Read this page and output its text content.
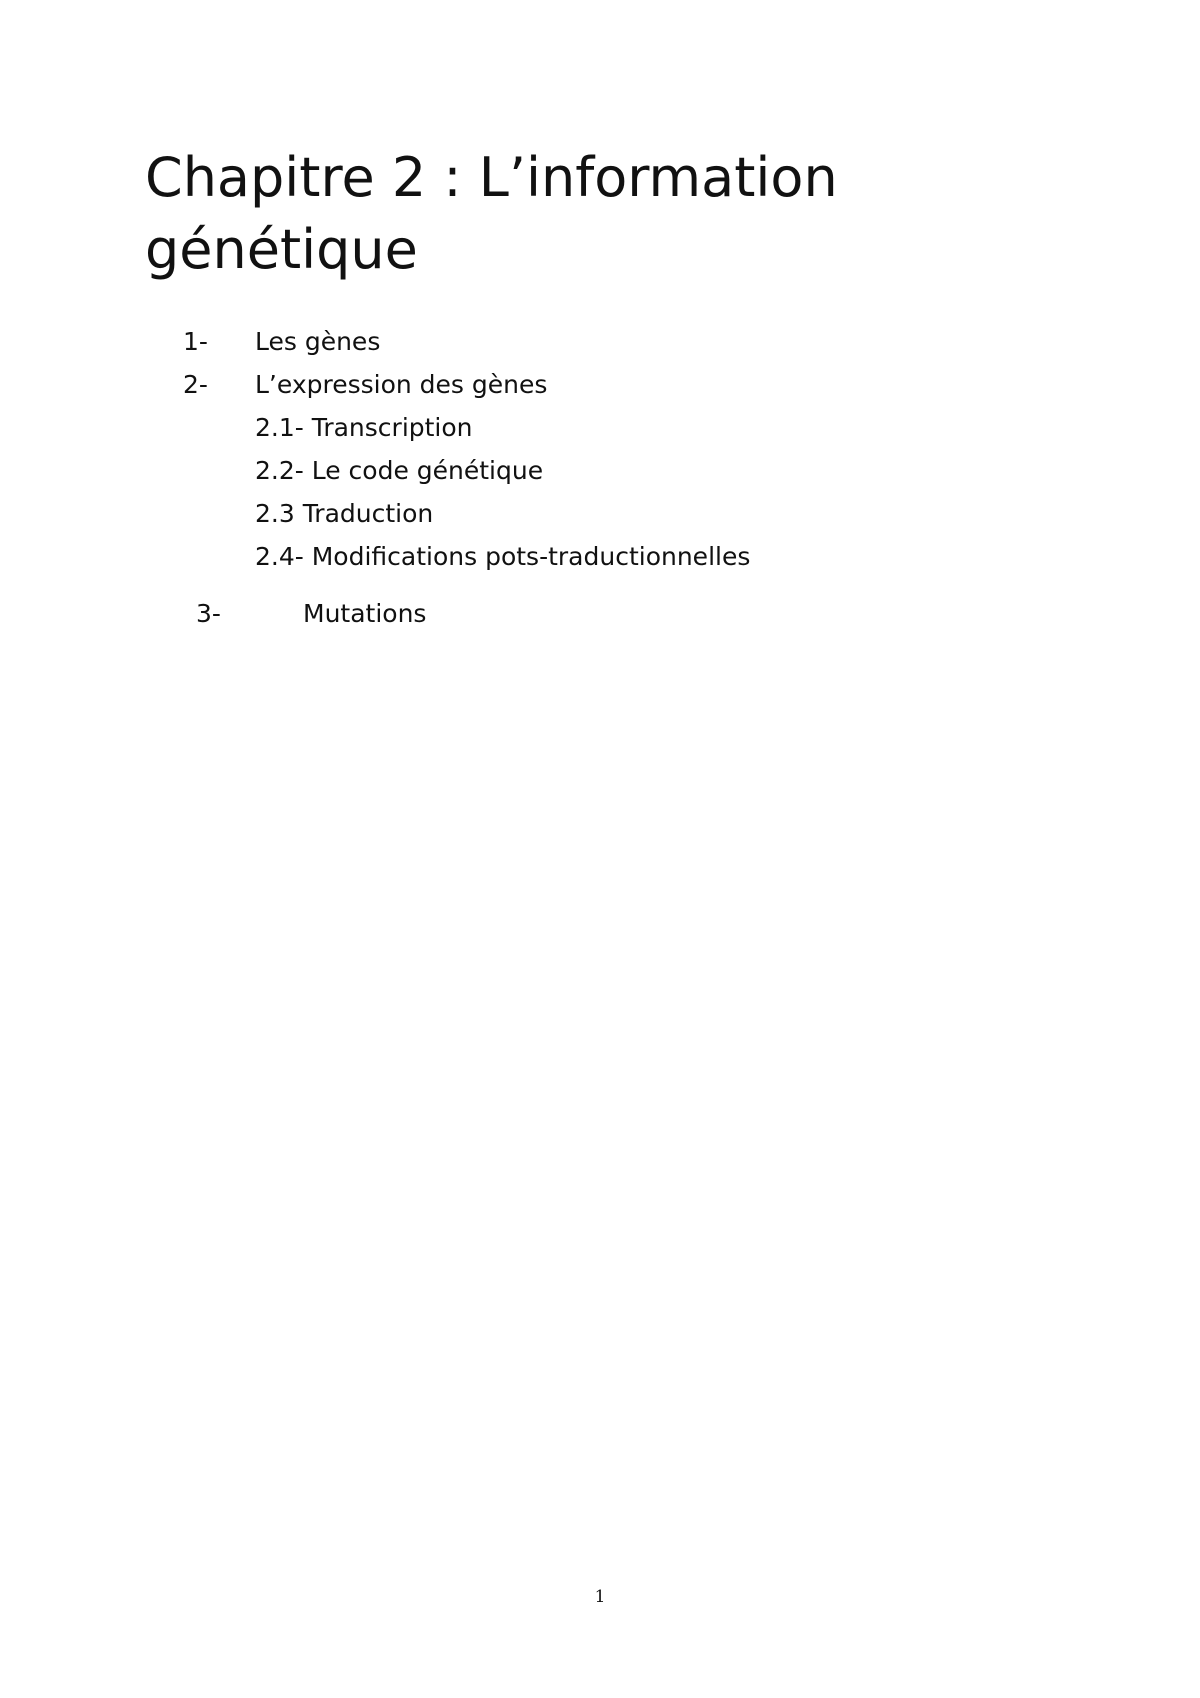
Chapitre 2 : L’information génétique
1- Les gènes
2- L’expression des gènes
2.1- Transcription
2.2- Le code génétique
2.3 Traduction
2.4- Modifications pots-traductionnelles
3-	Mutations
1
